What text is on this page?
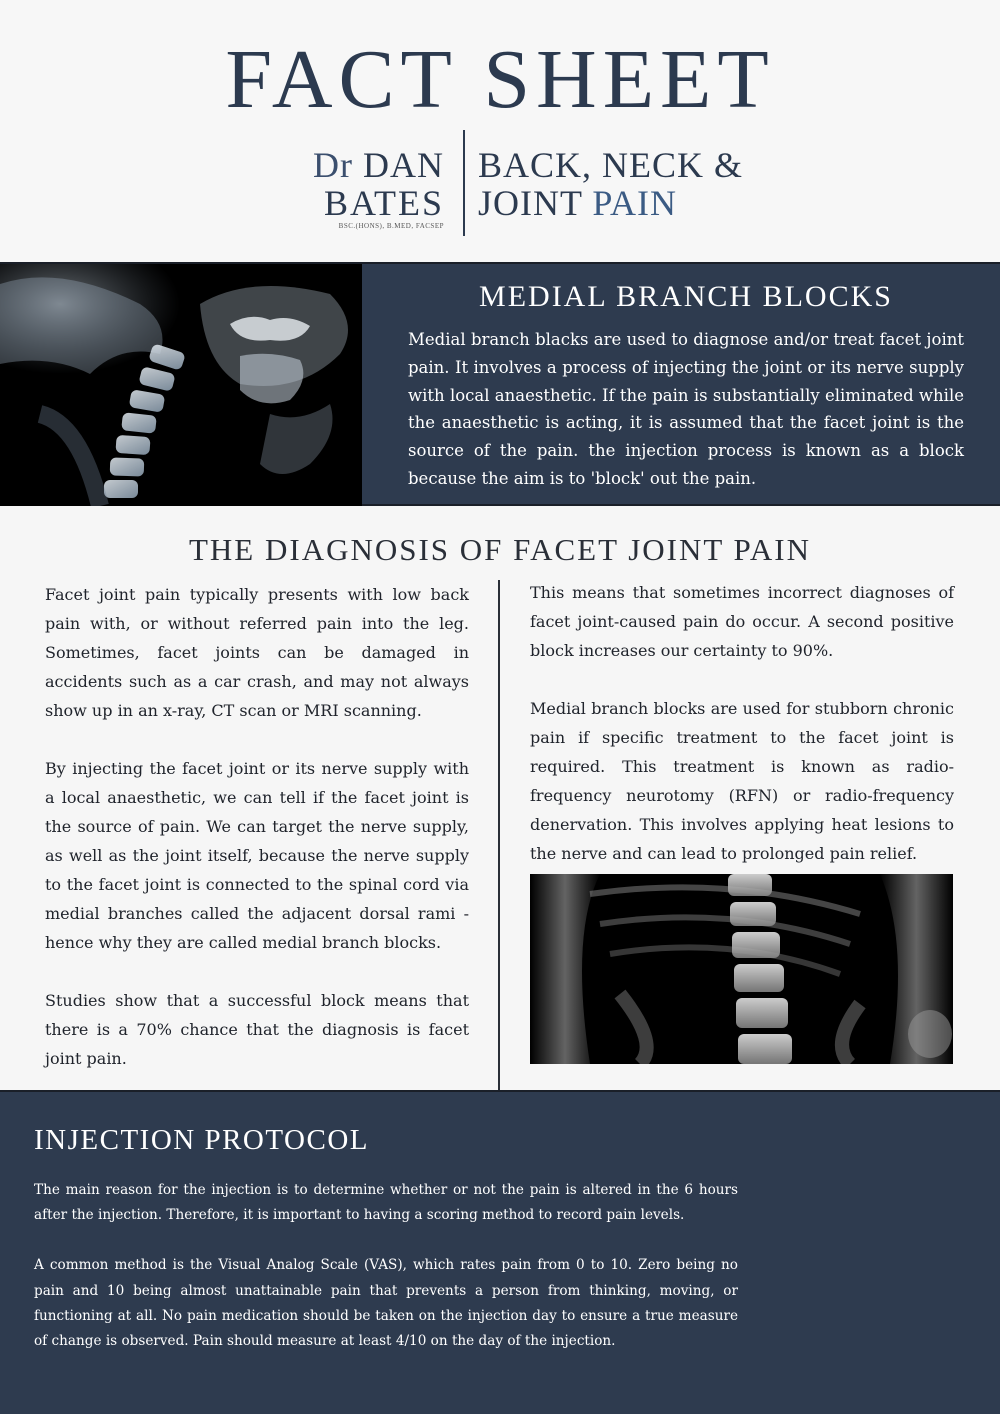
FACT SHEET
Dr DAN
BATES
BSC.(HONS), B.MED, FACSEP
BACK, NECK &
JOINT PAIN
MEDIAL BRANCH BLOCKS
Medial branch blacks are used to diagnose and/or treat facet joint pain. It involves a process of injecting the joint or its nerve supply with local anaesthetic. If the pain is substantially eliminated while the anaesthetic is acting, it is assumed that the facet joint is the source of the pain. the injection process is known as a block because the aim is to 'block' out the pain.
THE DIAGNOSIS OF FACET JOINT PAIN

Facet joint pain typically presents with low back pain with, or without referred pain into the leg. Sometimes, facet joints can be damaged in accidents such as a car crash, and may not always show up in an x-ray, CT scan or MRI scanning.

By injecting the facet joint or its nerve supply with a local anaesthetic, we can tell if the facet joint is the source of pain. We can target the nerve supply, as well as the joint itself, because the nerve supply to the facet joint is connected to the spinal cord via medial branches called the adjacent dorsal rami - hence why they are called medial branch blocks.

Studies show that a successful block means that there is a 70% chance that the diagnosis is facet joint pain.

This means that sometimes incorrect diagnoses of facet joint-caused pain do occur. A second positive block increases our certainty to 90%.

Medial branch blocks are used for stubborn chronic pain if specific treatment to the facet joint is required. This treatment is known as radio-frequency neurotomy (RFN) or radio-frequency denervation. This involves applying heat lesions to the nerve and can lead to prolonged pain relief.

INJECTION PROTOCOL

The main reason for the injection is to determine whether or not the pain is altered in the 6 hours after the injection. Therefore, it is important to having a scoring method to record pain levels.

A common method is the Visual Analog Scale (VAS), which rates pain from 0 to 10. Zero being no pain and 10 being almost unattainable pain that prevents a person from thinking, moving, or functioning at all. No pain medication should be taken on the injection day to ensure a true measure of change is observed. Pain should measure at least 4/10 on the day of the injection.
